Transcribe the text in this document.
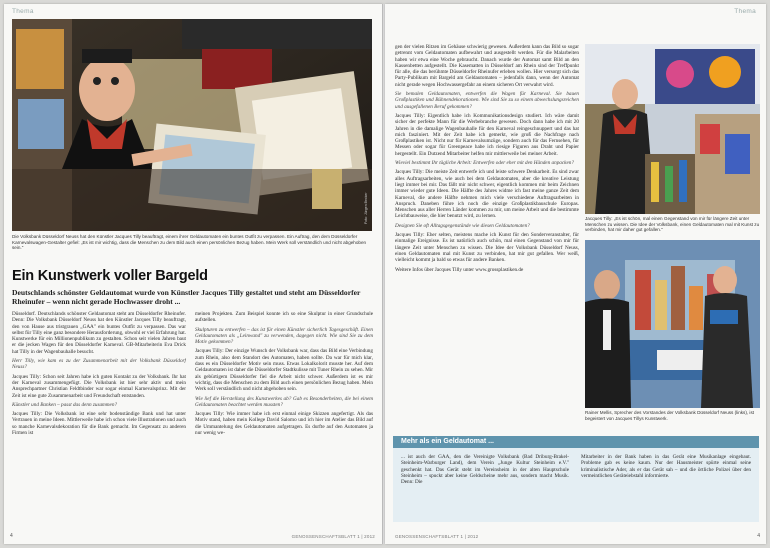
Thema
Foto: Jürgen Becker
Die Volksbank Düsseldorf Neuss hat den Künstler Jacques Tilly beauftragt, einem ihrer Geldautomaten ein buntes Outfit zu verpassen. Ein Auftrag, den dem Düsseldorfer Karnevalswagen-Gestalter gefiel: „Es ist mir wichtig, dass die Menschen zu dem Bild auch einen persönlichen Bezug haben. Mein Werk soll verständlich und nicht abgehoben sein."
Ein Kunstwerk voller Bargeld
Deutschlands schönster Geldautomat wurde von Künstler Jacques Tilly gestaltet und steht am Düsseldorfer Rheinufer – wenn nicht gerade Hochwasser droht ...

Düsseldorf. Deutschlands schönster Geldautomat steht am Düsseldorfer Rheinufer. Denn: Die Volksbank Düsseldorf Neuss hat den Künstler Jacques Tilly beauftragt, den von Hause aus tristgrauen „GAA" ein buntes Outfit zu verpassen. Das war selbst für Tilly eine ganz besondere Herausforderung, obwohl er viel Erfahrung hat. Kunstwerke für ein Millionenpublikum zu gestalten. Schon seit vielen Jahren baut er die jecken Wagen für den Düsseldorfer Karneval. GB-Mitarbeiterin Eva Drick hat Tilly in der Wagenbauhalle besucht.

Herr Tilly, wie kam es zu der Zusammenarbeit mit der Volksbank Düsseldorf Neuss?

Jacques Tilly: Schon seit Jahren habe ich guten Kontakt zu der Volksbank. Ihr hat der Karneval zusammengefügt. Die Volksbank ist hier sehr aktiv und mein Ansprechpartner Christian Feldtbinder war sogar einmal Karnevalsprinz. Mit der Zeit ist eine gute Zusammenarbeit und Freundschaft entstanden.

Künstler und Banken – passt das denn zusammen?

Jacques Tilly: Die Volksbank ist eine sehr bodenständige Bank und hat unter Vertrauen in meine Ideen. Mittlerweile habe ich schon viele Illustrationen und auch so manche Karnevalsdekoration für die Bank gemacht. Im Gegensatz zu anderen Firmen ist

meinen Projekten. Zum Beispiel konnte ich so eine Skulptur in einer Grundschule aufstellen.

Skulpturen zu entwerfen – das ist für einen Künstler sicherlich Tagesgeschäft. Einen Geldautomaten als „Leinwand" zu verwenden, dagegen nicht. Wie sind Sie zu dem Motiv gekommen?

Jacques Tilly: Der einzige Wunsch der Volksbank war, dass das Bild eine Verbindung zum Rhein, also dem Standort des Automaten, haben sollte. Da war für mich klar, dass es ein Düsseldorfer Motiv sein muss. Etwas Lokalkolorit musste her. Auf dem Geldautomaten ist daher die Düsseldorfer Stadtkulisse mit Tuner Rhein zu sehen. Mir als gebürtigem Düsseldorfer fiel die Arbeit nicht schwer. Außerdem ist es mir wichtig, dass die Menschen zu dem Bild auch einen persönlichen Bezug haben. Mein Werk soll verständlich und nicht abgehoben sein.

Wie lief die Herstellung des Kunstwerkes ab? Gab es Besonderheiten, die bei einem Geldautomaten beachtet werden mussten?

Jacques Tilly: Wie immer habe ich erst einmal einige Skizzen angefertigt. Als das Motiv stand, haben mein Kollege David Salomo und ich hier im Atelier das Bild auf die Ummantelung des Geldautomaten aufgetragen. Es durfte auf den Automaten ja nur wenig we-

4	GENOSSENSCHAFTSBLATT 1 | 2012
Thema

gen der vielen Ritzen im Gehäuse schwierig gewesen. Außerdem kann das Bild so sogar getrennt vom Geldautomaten aufbewahrt und ausgestellt werden. Für die Malarbeiten haben wir etwa eine Woche gebraucht. Danach wurde der Automat samt Bild an den Kassenbetten aufgestellt. Die Kasematten in Düsseldorf am Rhein sind der Treffpunkt für alle, die das berühmte Düsseldorfer Rheinufer erleben wollen. Hier versorgt sich das Party-Publikum mit Bargeld am Geldautomaten – jedenfalls dann, wenn der Automat nicht gerade wegen Hochwassergefahr an einem sicheren Ort verwahrt wird.

Sie bemalen Geldautomaten, entwerfen die Wagen für Karneval. Sie bauen Großplastiken und Bühnendekorationen. Wie sind Sie zu so einem abwechslungsreichen und ausgefallenen Beruf gekommen?

Jacques Tilly: Eigentlich habe ich Kommunikationsdesign studiert. Ich wäre damit sicher der perfekte Mann für die Werbebranche gewesen. Doch dann habe ich mit 20 Jahren in die damalige Wagenbauhalle für den Karneval reingeschnuppert und das hat mich fasziniert. Mit der Zeit habe ich gemerkt, wie groß die Nachfrage nach Großplastiken ist. Nicht nur für Karnevalsumzüge, sondern auch für das Fernsehen, für Messen oder sogar für Greenpeace habe ich riesige Figuren aus Draht und Papier hergestellt. Ein Dutzend Mitarbeiter helfen mir mittlerweile bei meiner Arbeit.

Wieviel bestimmt Ihr tägliche Arbeit: Entwerfen oder eher mit den Händen anpacken?

Jacques Tilly: Die meiste Zeit entwerfe ich und leiste schwere Denkarbeit. Es sind zwar alles Auftragsarbeiten, wie auch bei dem Geldautomaten, aber die kreative Leistung liegt immer bei mir. Das fällt mir nicht schwer, eigentlich kommen mir beim Zeichnen immer wieder gute Ideen. Die Hälfte des Jahres widme ich fast meine ganze Zeit dem Karneval, die andere Hälfte nehmen mich viele verschiedene Auftragsarbeiten in Anspruch. Daneben führe ich noch die einzige Großplastikbauschule Europas. Menschen aus aller Herren Länder kommen zu mir, um meine Arbeit und die bestimmte Leichtbauweise, die hier benutzt wird, zu lernen.

Designen Sie oft Alltagsgegenstände wie diesen Geldautomaten?

Jacques Tilly: Eher selten, meistens mache ich Kunst für den Sonderveranstalter, für einmalige Ereignisse. Es ist natürlich auch schön, mal einen Gegenstand von mir für längere Zeit unter Menschen zu wissen. Die Idee der Volksbank Düsseldorf Neuss, einen Geldautomaten mal mit Kunst zu verbinden, hat mir gut gefallen. Wer weiß, vielleicht kommt ja bald so etwas für andere Banken.

Weitere Infos über Jacques Tilly unter www.grossplastiken.de

Jacques Tilly: „Es ist schön, mal einen Gegenstand von mir für längere Zeit unter Menschen zu wissen. Die Idee der Volksbank, einen Geldautomaten mal mit Kunst zu verbinden, hat mir daher gut gefallen."
Rainer Mellis, Sprecher des Vorstandes der Volksbank Düsseldorf Neuss (links), ist begeistert von Jacques Tillys Kunstwerk.
Mehr als ein Geldautomat ...
... ist auch der GAA, den die Vereinigte Volksbank (Bad Driburg-Brakel-Steinheim-Warburger Land), dem Verein „Junge Kultur Steinheim e.V." geschenkt hat. Das Gerät steht im Vereinsheim in der alten Hauptschule Steinheim – spuckt aber keine Geldscheine mehr aus, sondern macht Musik. Denn: Die
Mitarbeiter in der Bank haben in das Gerät eine Musikanlage eingebaut. Probleme gab es keine kaum. Nur der Hausmeister spürte einmal seine kriminalistische Ader, als er das Gerät sah – und die örtliche Polizei über den vermeintlichen Geräteiebstahl informierte.
GENOSSENSCHAFTSBLATT 1 | 2012	4
